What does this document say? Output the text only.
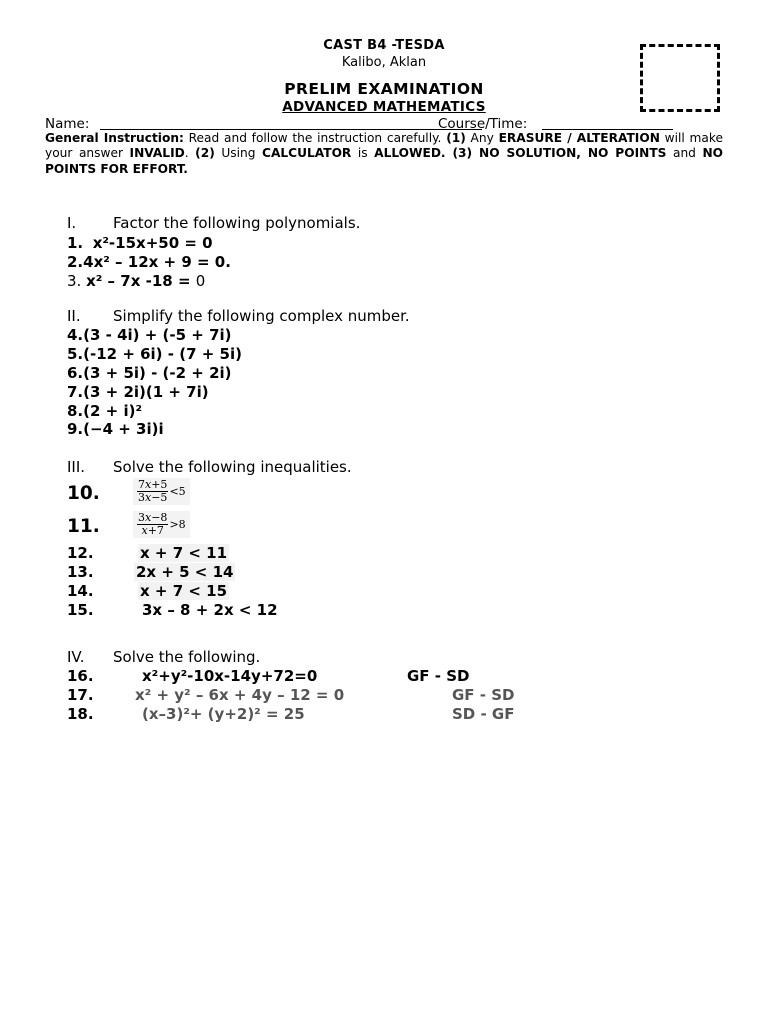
CAST B4 -TESDA
Kalibo, Aklan
PRELIM EXAMINATION
ADVANCED MATHEMATICS
Name:	Course/Time:
General Instruction: Read and follow the instruction carefully. (1) Any ERASURE / ALTERATION will make your answer INVALID. (2) Using CALCULATOR is ALLOWED. (3) NO SOLUTION, NO POINTS and NO POINTS FOR EFFORT.
I. Factor the following polynomials.
1. x²-15x+50 = 0
2.4x² – 12x + 9 = 0.
3. x² – 7x -18 = 0
II. Simplify the following complex number.
4.(3 - 4i) + (-5 + 7i)
5.(-12 + 6i) - (7 + 5i)
6.(3 + 5i) - (-2 + 2i)
7.(3 + 2i)(1 + 7i)
8.(2 + i)²
9.(−4 + 3i)i
III. Solve the following inequalities.
10.	$\frac{7x+5}{3x-5} <5$
11.	$\frac{3x-8}{x+7} >8$
12.	x + 7 < 11
13.	2x + 5 < 14
14.	x + 7 < 15
15.	3x – 8 + 2x < 12
IV. Solve the following.
16.	x²+y²-10x-14y+72=0	GF - SD
17.	x² + y² – 6x + 4y – 12 = 0	GF - SD
18.	(x–3)²+ (y+2)² = 25	SD - GF
